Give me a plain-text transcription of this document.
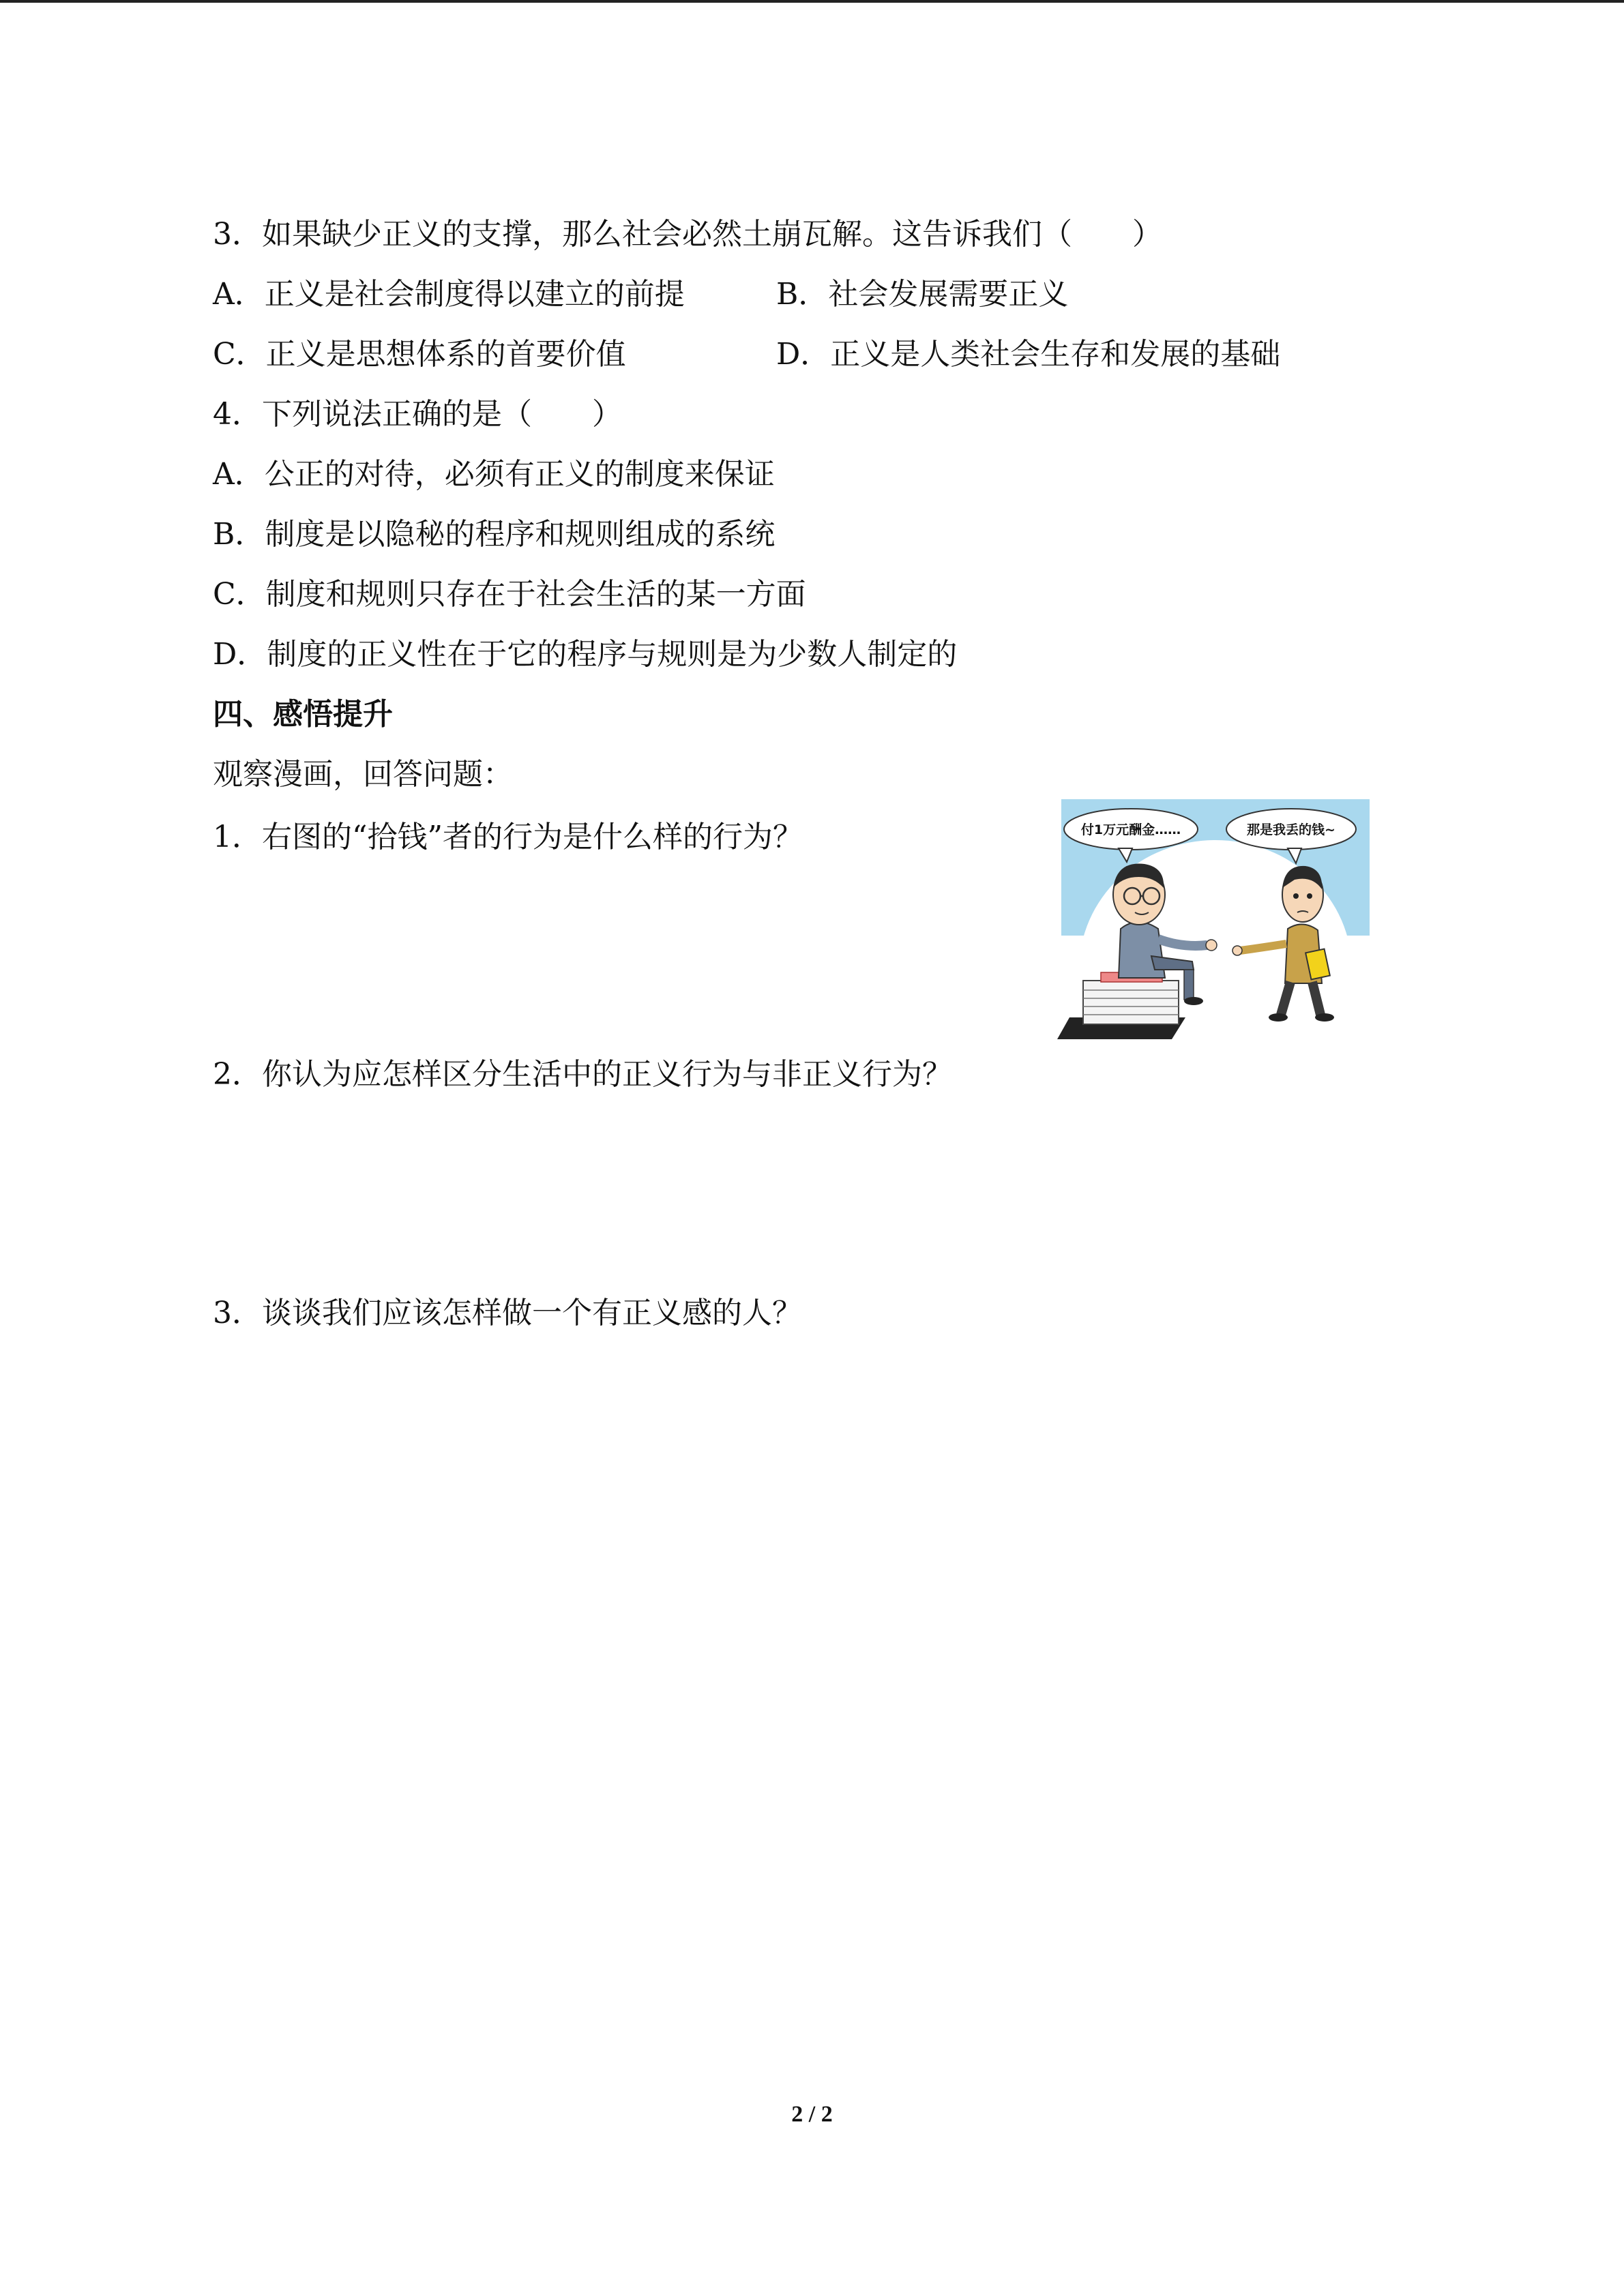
3．如果缺少正义的支撑，那么社会必然土崩瓦解。这告诉我们（　　）
A．正义是社会制度得以建立的前提	B．社会发展需要正义
C．正义是思想体系的首要价值	D．正义是人类社会生存和发展的基础
4．下列说法正确的是（　　）
A．公正的对待，必须有正义的制度来保证
B．制度是以隐秘的程序和规则组成的系统
C．制度和规则只存在于社会生活的某一方面
D．制度的正义性在于它的程序与规则是为少数人制定的
四、感悟提升
观察漫画，回答问题：
1．右图的“拾钱”者的行为是什么样的行为？
2．你认为应怎样区分生活中的正义行为与非正义行为？
3．谈谈我们应该怎样做一个有正义感的人？
付1万元酬金……	那是我丢的钱~
2 / 2
